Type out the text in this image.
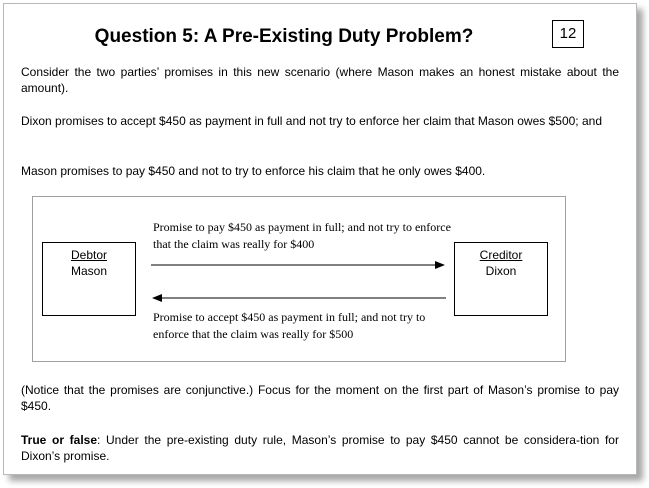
Question 5: A Pre-Existing Duty Problem?	12
Consider the two parties’ promises in this new scenario (where Mason makes an honest mistake about the amount).
Dixon promises to accept $450 as payment in full and not try to enforce her claim that Mason owes $500; and
Mason promises to pay $450 and not to try to enforce his claim that he only owes $400.
Debtor
Mason
Creditor
Dixon
Promise to pay $450 as payment in full; and not try to enforce that the claim was really for $400
Promise to accept $450 as payment in full; and not try to enforce that the claim was really for $500
(Notice that the promises are conjunctive.) Focus for the moment on the first part of Mason’s promise to pay $450.
True or false: Under the pre-existing duty rule, Mason’s promise to pay $450 cannot be considera-tion for Dixon’s promise.
